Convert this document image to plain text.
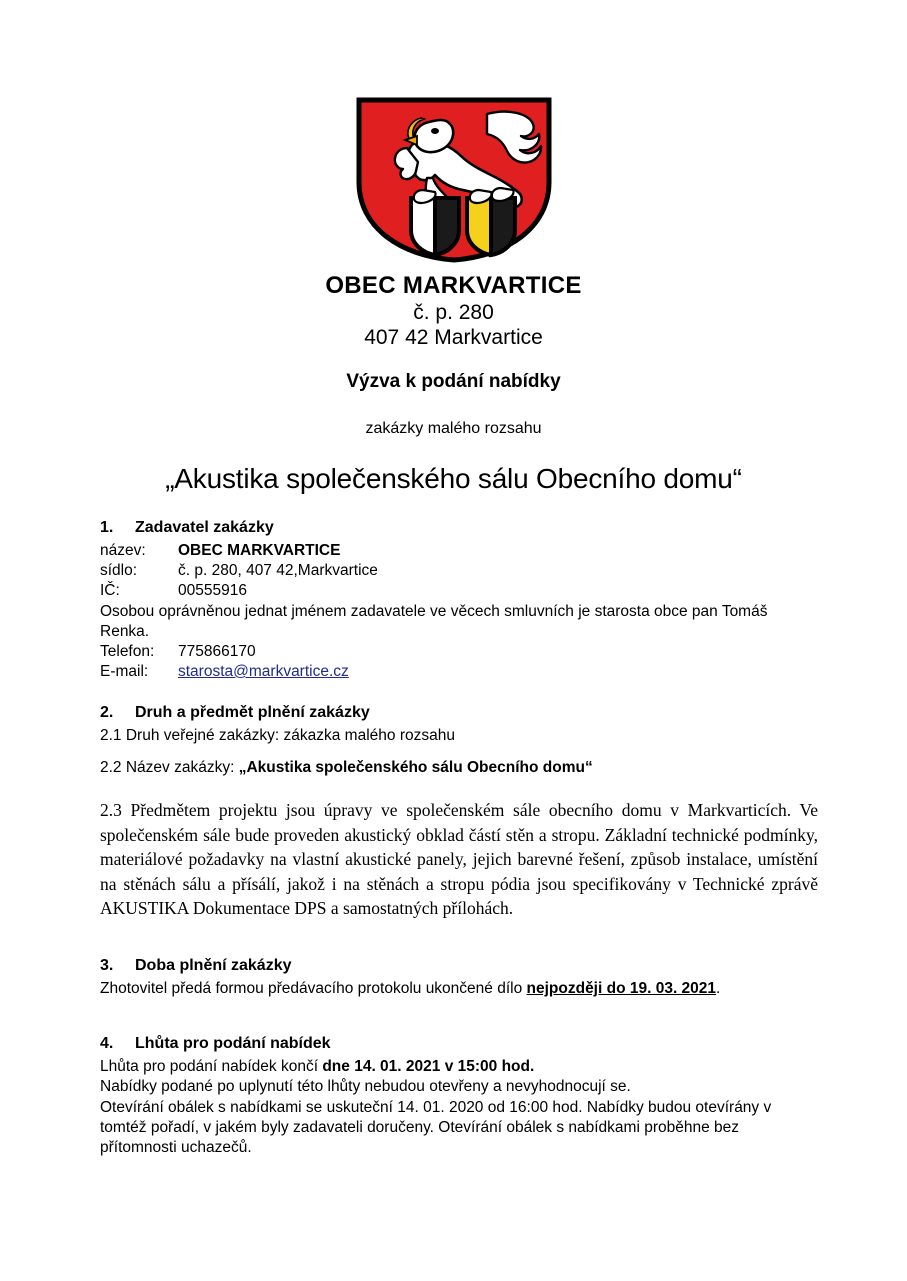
OBEC MARKVARTICE
č. p. 280
407 42 Markvartice
Výzva k podání nabídky
zakázky malého rozsahu
„Akustika společenského sálu Obecního domu“
1.	Zadavatel zakázky
název:	OBEC MARKVARTICE
sídlo:	č. p. 280, 407 42,Markvartice
IČ:	00555916

Osobou oprávněnou jednat jménem zadavatele ve věcech smluvních je starosta obce pan Tomáš Renka.

Telefon:	775866170
E-mail:	starosta@markvartice.cz
2.	Druh a předmět plnění zakázky

2.1 Druh veřejné zakázky: zákazka malého rozsahu

2.2 Název zakázky: „Akustika společenského sálu Obecního domu“

2.3 Předmětem projektu jsou úpravy ve společenském sále obecního domu v Markvarticích. Ve společenském sále bude proveden akustický obklad částí stěn a stropu. Základní technické podmínky, materiálové požadavky na vlastní akustické panely, jejich barevné řešení, způsob instalace, umístění na stěnách sálu a přísálí, jakož i na stěnách a stropu pódia jsou specifikovány v Technické zprávě AKUSTIKA Dokumentace DPS a samostatných přílohách.

3.	Doba plnění zakázky

Zhotovitel předá formou předávacího protokolu ukončené dílo nejpozději do 19. 03. 2021.

4.	Lhůta pro podání nabídek

Lhůta pro podání nabídek končí dne 14. 01. 2021 v 15:00 hod.

Nabídky podané po uplynutí této lhůty nebudou otevřeny a nevyhodnocují se.

Otevírání obálek s nabídkami se uskuteční 14. 01. 2020 od 16:00 hod. Nabídky budou otevírány v tomtéž pořadí, v jakém byly zadavateli doručeny. Otevírání obálek s nabídkami proběhne bez přítomnosti uchazečů.
